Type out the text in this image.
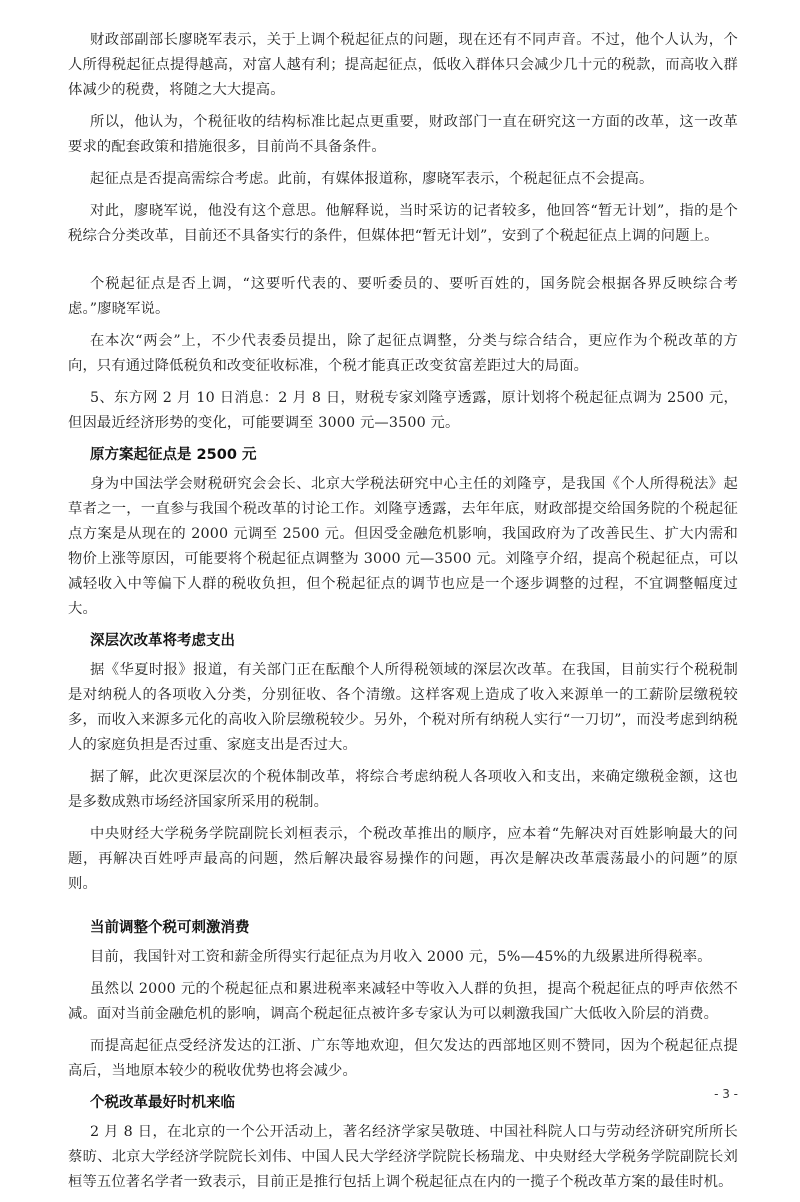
财政部副部长廖晓军表示，关于上调个税起征点的问题，现在还有不同声音。不过，他个人认为，个人所得税起征点提得越高，对富人越有利；提高起征点，低收入群体只会减少几十元的税款，而高收入群体减少的税费，将随之大大提高。

所以，他认为，个税征收的结构标准比起点更重要，财政部门一直在研究这一方面的改革，这一改革要求的配套政策和措施很多，目前尚不具备条件。

起征点是否提高需综合考虑。此前，有媒体报道称，廖晓军表示，个税起征点不会提高。

对此，廖晓军说，他没有这个意思。他解释说，当时采访的记者较多，他回答“暂无计划”，指的是个税综合分类改革，目前还不具备实行的条件，但媒体把“暂无计划”，安到了个税起征点上调的问题上。

个税起征点是否上调，“这要听代表的、要听委员的、要听百姓的，国务院会根据各界反映综合考虑。”廖晓军说。

在本次“两会”上，不少代表委员提出，除了起征点调整，分类与综合结合，更应作为个税改革的方向，只有通过降低税负和改变征收标准，个税才能真正改变贫富差距过大的局面。

5、东方网 2 月 10 日消息：2 月 8 日，财税专家刘隆亨透露，原计划将个税起征点调为 2500 元，但因最近经济形势的变化，可能要调至 3000 元—3500 元。

原方案起征点是 2500 元

身为中国法学会财税研究会会长、北京大学税法研究中心主任的刘隆亨，是我国《个人所得税法》起草者之一，一直参与我国个税改革的讨论工作。刘隆亨透露，去年年底，财政部提交给国务院的个税起征点方案是从现在的 2000 元调至 2500 元。但因受金融危机影响，我国政府为了改善民生、扩大内需和物价上涨等原因，可能要将个税起征点调整为 3000 元—3500 元。刘隆亨介绍，提高个税起征点，可以减轻收入中等偏下人群的税收负担，但个税起征点的调节也应是一个逐步调整的过程，不宜调整幅度过大。

深层次改革将考虑支出

据《华夏时报》报道，有关部门正在酝酿个人所得税领域的深层次改革。在我国，目前实行个税税制是对纳税人的各项收入分类，分别征收、各个清缴。这样客观上造成了收入来源单一的工薪阶层缴税较多，而收入来源多元化的高收入阶层缴税较少。另外，个税对所有纳税人实行“一刀切”，而没考虑到纳税人的家庭负担是否过重、家庭支出是否过大。

据了解，此次更深层次的个税体制改革，将综合考虑纳税人各项收入和支出，来确定缴税金额，这也是多数成熟市场经济国家所采用的税制。

中央财经大学税务学院副院长刘桓表示，个税改革推出的顺序，应本着“先解决对百姓影响最大的问题，再解决百姓呼声最高的问题，然后解决最容易操作的问题，再次是解决改革震荡最小的问题”的原则。

当前调整个税可刺激消费

目前，我国针对工资和薪金所得实行起征点为月收入 2000 元，5%—45%的九级累进所得税率。

虽然以 2000 元的个税起征点和累进税率来减轻中等收入人群的负担，提高个税起征点的呼声依然不减。面对当前金融危机的影响，调高个税起征点被许多专家认为可以刺激我国广大低收入阶层的消费。

而提高起征点受经济发达的江浙、广东等地欢迎，但欠发达的西部地区则不赞同，因为个税起征点提高后，当地原本较少的税收优势也将会减少。

个税改革最好时机来临

2 月 8 日，在北京的一个公开活动上，著名经济学家吴敬琏、中国社科院人口与劳动经济研究所所长蔡昉、北京大学经济学院院长刘伟、中国人民大学经济学院院长杨瑞龙、中央财经大学税务学院副院长刘桓等五位著名学者一致表示，目前正是推行包括上调个税起征点在内的一揽子个税改革方案的最佳时机。

- 3 -
